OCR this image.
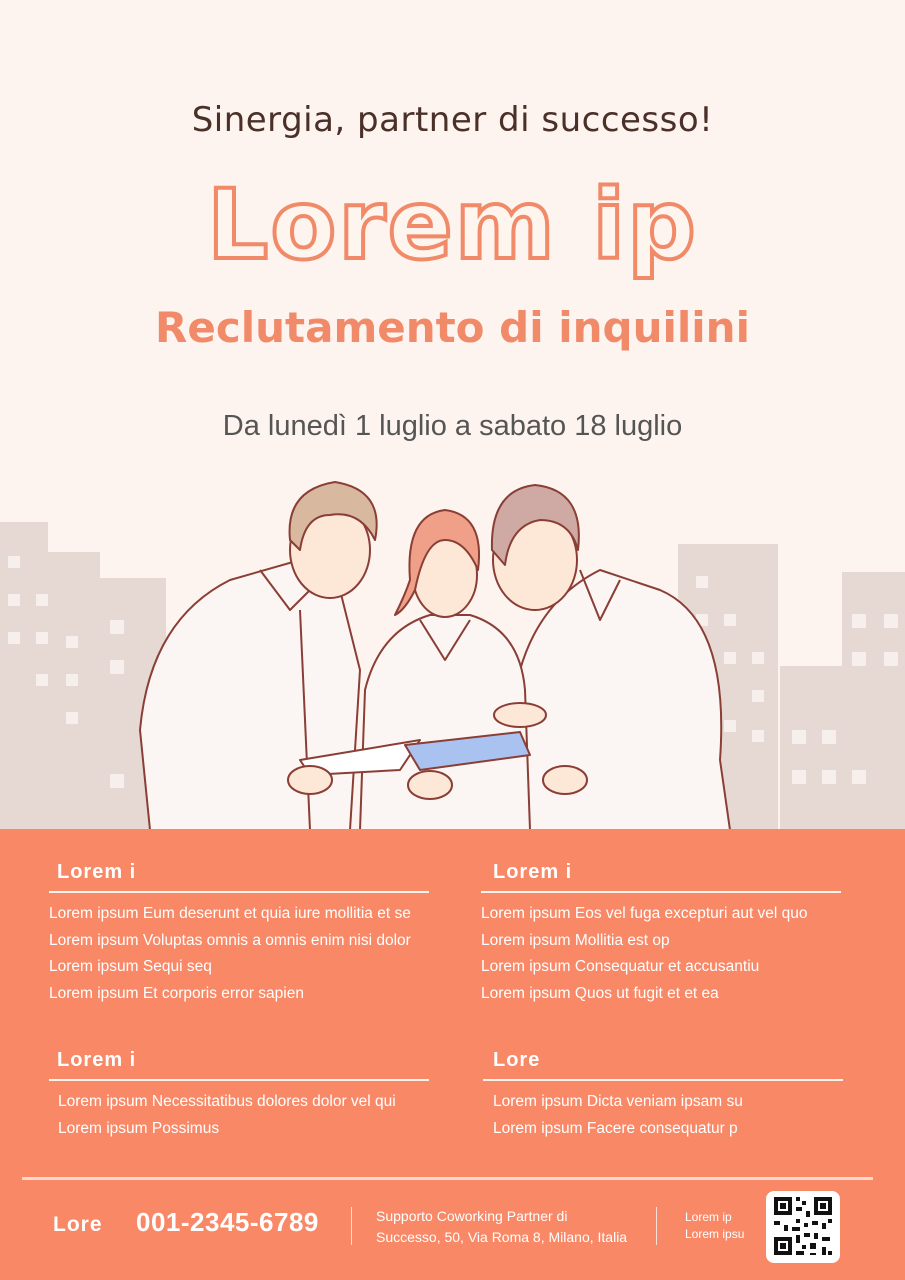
Sinergia, partner di successo!
Lorem ip
Reclutamento di inquilini
Da lunedì 1 luglio a sabato 18 luglio
Lorem i
Lorem ipsum Eum deserunt et quia iure mollitia et se
Lorem ipsum Voluptas omnis a omnis enim nisi dolor
Lorem ipsum Sequi seq
Lorem ipsum Et corporis error sapien
Lorem i
Lorem ipsum Eos vel fuga excepturi aut vel quo
Lorem ipsum Mollitia est op
Lorem ipsum Consequatur et accusantiu
Lorem ipsum Quos ut fugit et et ea
Lorem i
Lorem ipsum Necessitatibus dolores dolor vel qui
Lorem ipsum Possimus
Lore
Lorem ipsum Dicta veniam ipsam su
Lorem ipsum Facere consequatur p
Lore 001-2345-6789	Supporto Coworking Partner di
Successo, 50, Via Roma 8, Milano, Italia
Lorem ip
Lorem ipsu
